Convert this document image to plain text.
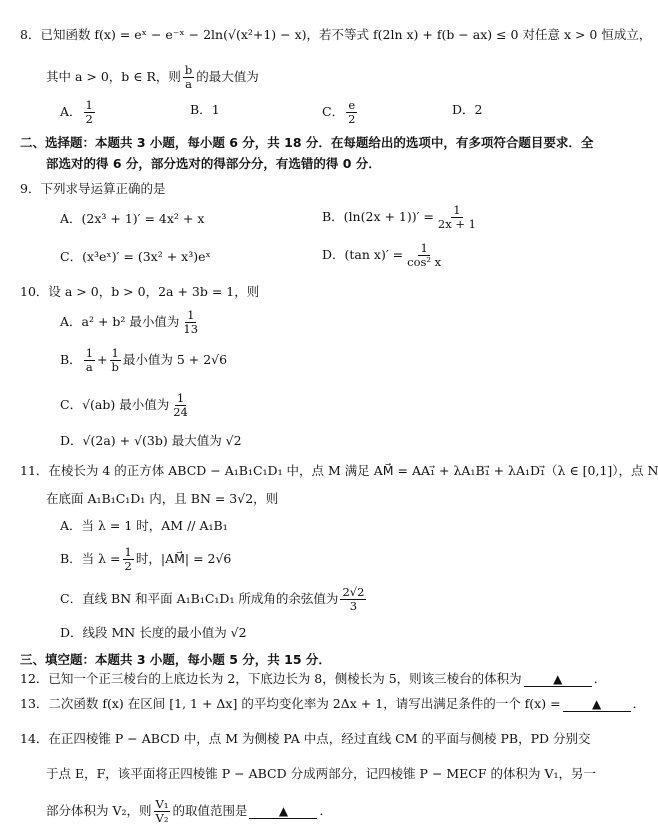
8．已知函数 f(x) = eˣ − e⁻ˣ − 2ln(√(x²+1) − x)，若不等式 f(2ln x) + f(b − ax) ≤ 0 对任意 x > 0 恒成立，
其中 a > 0，b ∈ R，则 $\frac{b}{a}$ 的最大值为
A． $\frac{1}{2}$	B．1	C． $\frac{e}{2}$	D．2
二、选择题：本题共 3 小题，每小题 6 分，共 18 分．在每题给出的选项中，有多项符合题目要求．全
部选对的得 6 分，部分选对的得部分分，有选错的得 0 分．
9．下列求导运算正确的是
A．(2x³ + 1)′ = 4x² + x	B．$(\ln(2x + 1))' = \frac{1}{2x + 1}$
C．(x³eˣ)′ = (3x² + x³)eˣ	D．(tan $x)' = \frac{1}{\text{cos² x}}$
10．设 a > 0，b > 0，2a + 3b = 1，则
A．a² + b² 最小值为 $\frac{1}{13}$
B． $\frac{1}{a} + \frac{1}{b}$ 最小值为 5 + 2√6
C．√(ab) 最小值为 $\frac{1}{24}$
D．√(2a) + √(3b) 最大值为 √2
11．在棱长为 4 的正方体 ABCD − A₁B₁C₁D₁ 中，点 M 满足 AM⃗ = AA₁⃗ + λA₁B₁⃗ + λA₁D₁⃗（λ ∈ [0,1]），点 N
在底面 A₁B₁C₁D₁ 内，且 BN = 3√2，则
A．当 λ = 1 时，AM // A₁B₁
B．当 $\lambda = \frac{1}{2}$ 时，|AM⃗| = 2√6
C．直线 BN 和平面 A₁B₁C₁D₁ 所成角的余弦值为 $\frac{2√2}{3}$
D．线段 MN 长度的最小值为 √2
三、填空题：本题共 3 小题，每小题 5 分，共 15 分．
12．已知一个正三棱台的上底边长为 2，下底边长为 8，侧棱长为 5，则该三棱台的体积为	▲	．
13．二次函数 f(x) 在区间 [1, 1 + Δx] 的平均变化率为 2Δx + 1，请写出满足条件的一个 f(x) =	▲	．
14．在正四棱锥 P − ABCD 中，点 M 为侧棱 PA 中点，经过直线 CM 的平面与侧棱 PB，PD 分别交
于点 E，F，该平面将正四棱锥 P − ABCD 分成两部分，记四棱锥 P − MECF 的体积为 V₁，另一
部分体积为 V₂，则 $\frac{\text{V₁}}{\text{V₂}}$ 的取值范围是	▲	．
